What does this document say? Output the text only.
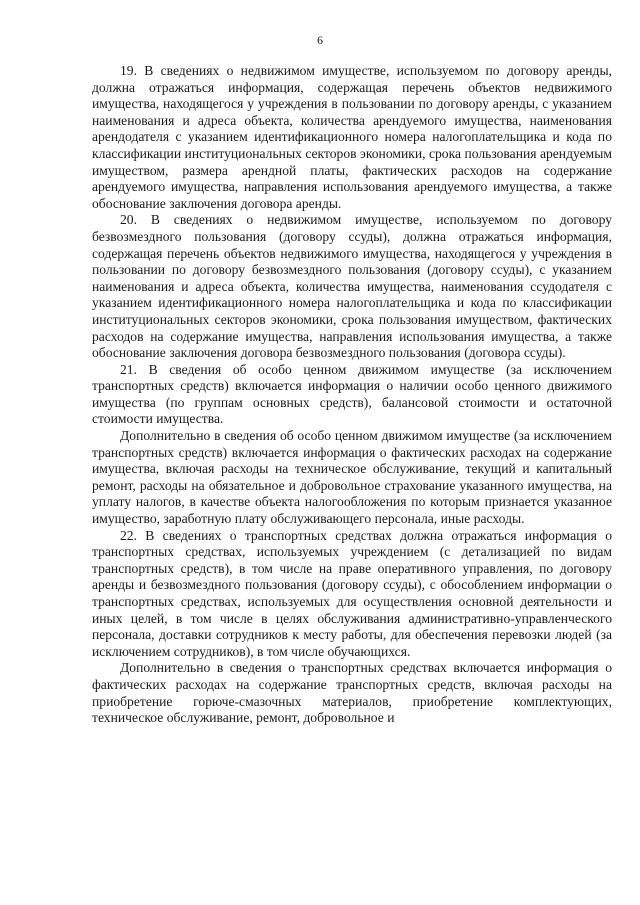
6

19. В сведениях о недвижимом имуществе, используемом по договору аренды, должна отражаться информация, содержащая перечень объектов недвижимого имущества, находящегося у учреждения в пользовании по договору аренды, с указанием наименования и адреса объекта, количества арендуемого имущества, наименования арендодателя с указанием идентификационного номера налогоплательщика и кода по классификации институциональных секторов экономики, срока пользования арендуемым имуществом, размера арендной платы, фактических расходов на содержание арендуемого имущества, направления использования арендуемого имущества, а также обоснование заключения договора аренды.

20. В сведениях о недвижимом имуществе, используемом по договору безвозмездного пользования (договору ссуды), должна отражаться информация, содержащая перечень объектов недвижимого имущества, находящегося у учреждения в пользовании по договору безвозмездного пользования (договору ссуды), с указанием наименования и адреса объекта, количества имущества, наименования ссудодателя с указанием идентификационного номера налогоплательщика и кода по классификации институциональных секторов экономики, срока пользования имуществом, фактических расходов на содержание имущества, направления использования имущества, а также обоснование заключения договора безвозмездного пользования (договора ссуды).

21. В сведения об особо ценном движимом имуществе (за исключением транспортных средств) включается информация о наличии особо ценного движимого имущества (по группам основных средств), балансовой стоимости и остаточной стоимости имущества.

Дополнительно в сведения об особо ценном движимом имуществе (за исключением транспортных средств) включается информация о фактических расходах на содержание имущества, включая расходы на техническое обслуживание, текущий и капитальный ремонт, расходы на обязательное и добровольное страхование указанного имущества, на уплату налогов, в качестве объекта налогообложения по которым признается указанное имущество, заработную плату обслуживающего персонала, иные расходы.

22. В сведениях о транспортных средствах должна отражаться информация о транспортных средствах, используемых учреждением (с детализацией по видам транспортных средств), в том числе на праве оперативного управления, по договору аренды и безвозмездного пользования (договору ссуды), с обособлением информации о транспортных средствах, используемых для осуществления основной деятельности и иных целей, в том числе в целях обслуживания административно-управленческого персонала, доставки сотрудников к месту работы, для обеспечения перевозки людей (за исключением сотрудников), в том числе обучающихся.

Дополнительно в сведения о транспортных средствах включается информация о фактических расходах на содержание транспортных средств, включая расходы на приобретение горюче-смазочных материалов, приобретение комплектующих, техническое обслуживание, ремонт, добровольное и
